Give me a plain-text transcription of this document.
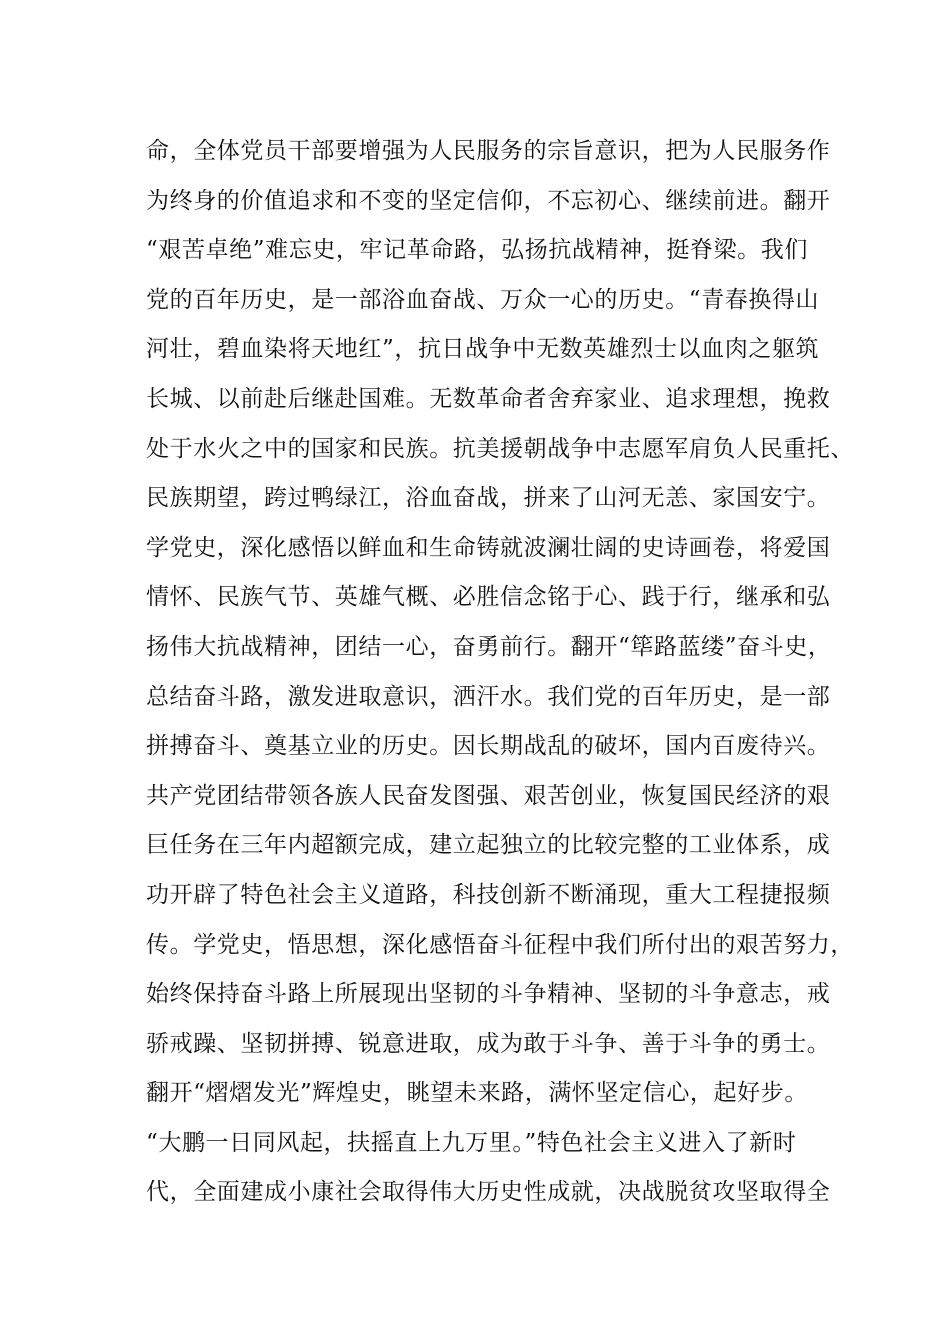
命，全体党员干部要增强为人民服务的宗旨意识，把为人民服务作
为终身的价值追求和不变的坚定信仰，不忘初心、继续前进。翻开
“艰苦卓绝”难忘史，牢记革命路，弘扬抗战精神，挺脊梁。我们
党的百年历史，是一部浴血奋战、万众一心的历史。“青春换得山
河壮，碧血染将天地红”，抗日战争中无数英雄烈士以血肉之躯筑
长城、以前赴后继赴国难。无数革命者舍弃家业、追求理想，挽救
处于水火之中的国家和民族。抗美援朝战争中志愿军肩负人民重托、
民族期望，跨过鸭绿江，浴血奋战，拼来了山河无恙、家国安宁。
学党史，深化感悟以鲜血和生命铸就波澜壮阔的史诗画卷，将爱国
情怀、民族气节、英雄气概、必胜信念铭于心、践于行，继承和弘
扬伟大抗战精神，团结一心，奋勇前行。翻开“筚路蓝缕”奋斗史，
总结奋斗路，激发进取意识，洒汗水。我们党的百年历史，是一部
拼搏奋斗、奠基立业的历史。因长期战乱的破坏，国内百废待兴。
共产党团结带领各族人民奋发图强、艰苦创业，恢复国民经济的艰
巨任务在三年内超额完成，建立起独立的比较完整的工业体系，成
功开辟了特色社会主义道路，科技创新不断涌现，重大工程捷报频
传。学党史，悟思想，深化感悟奋斗征程中我们所付出的艰苦努力，
始终保持奋斗路上所展现出坚韧的斗争精神、坚韧的斗争意志，戒
骄戒躁、坚韧拼搏、锐意进取，成为敢于斗争、善于斗争的勇士。
翻开“熠熠发光”辉煌史，眺望未来路，满怀坚定信心，起好步。
“大鹏一日同风起，扶摇直上九万里。”特色社会主义进入了新时
代，全面建成小康社会取得伟大历史性成就，决战脱贫攻坚取得全
